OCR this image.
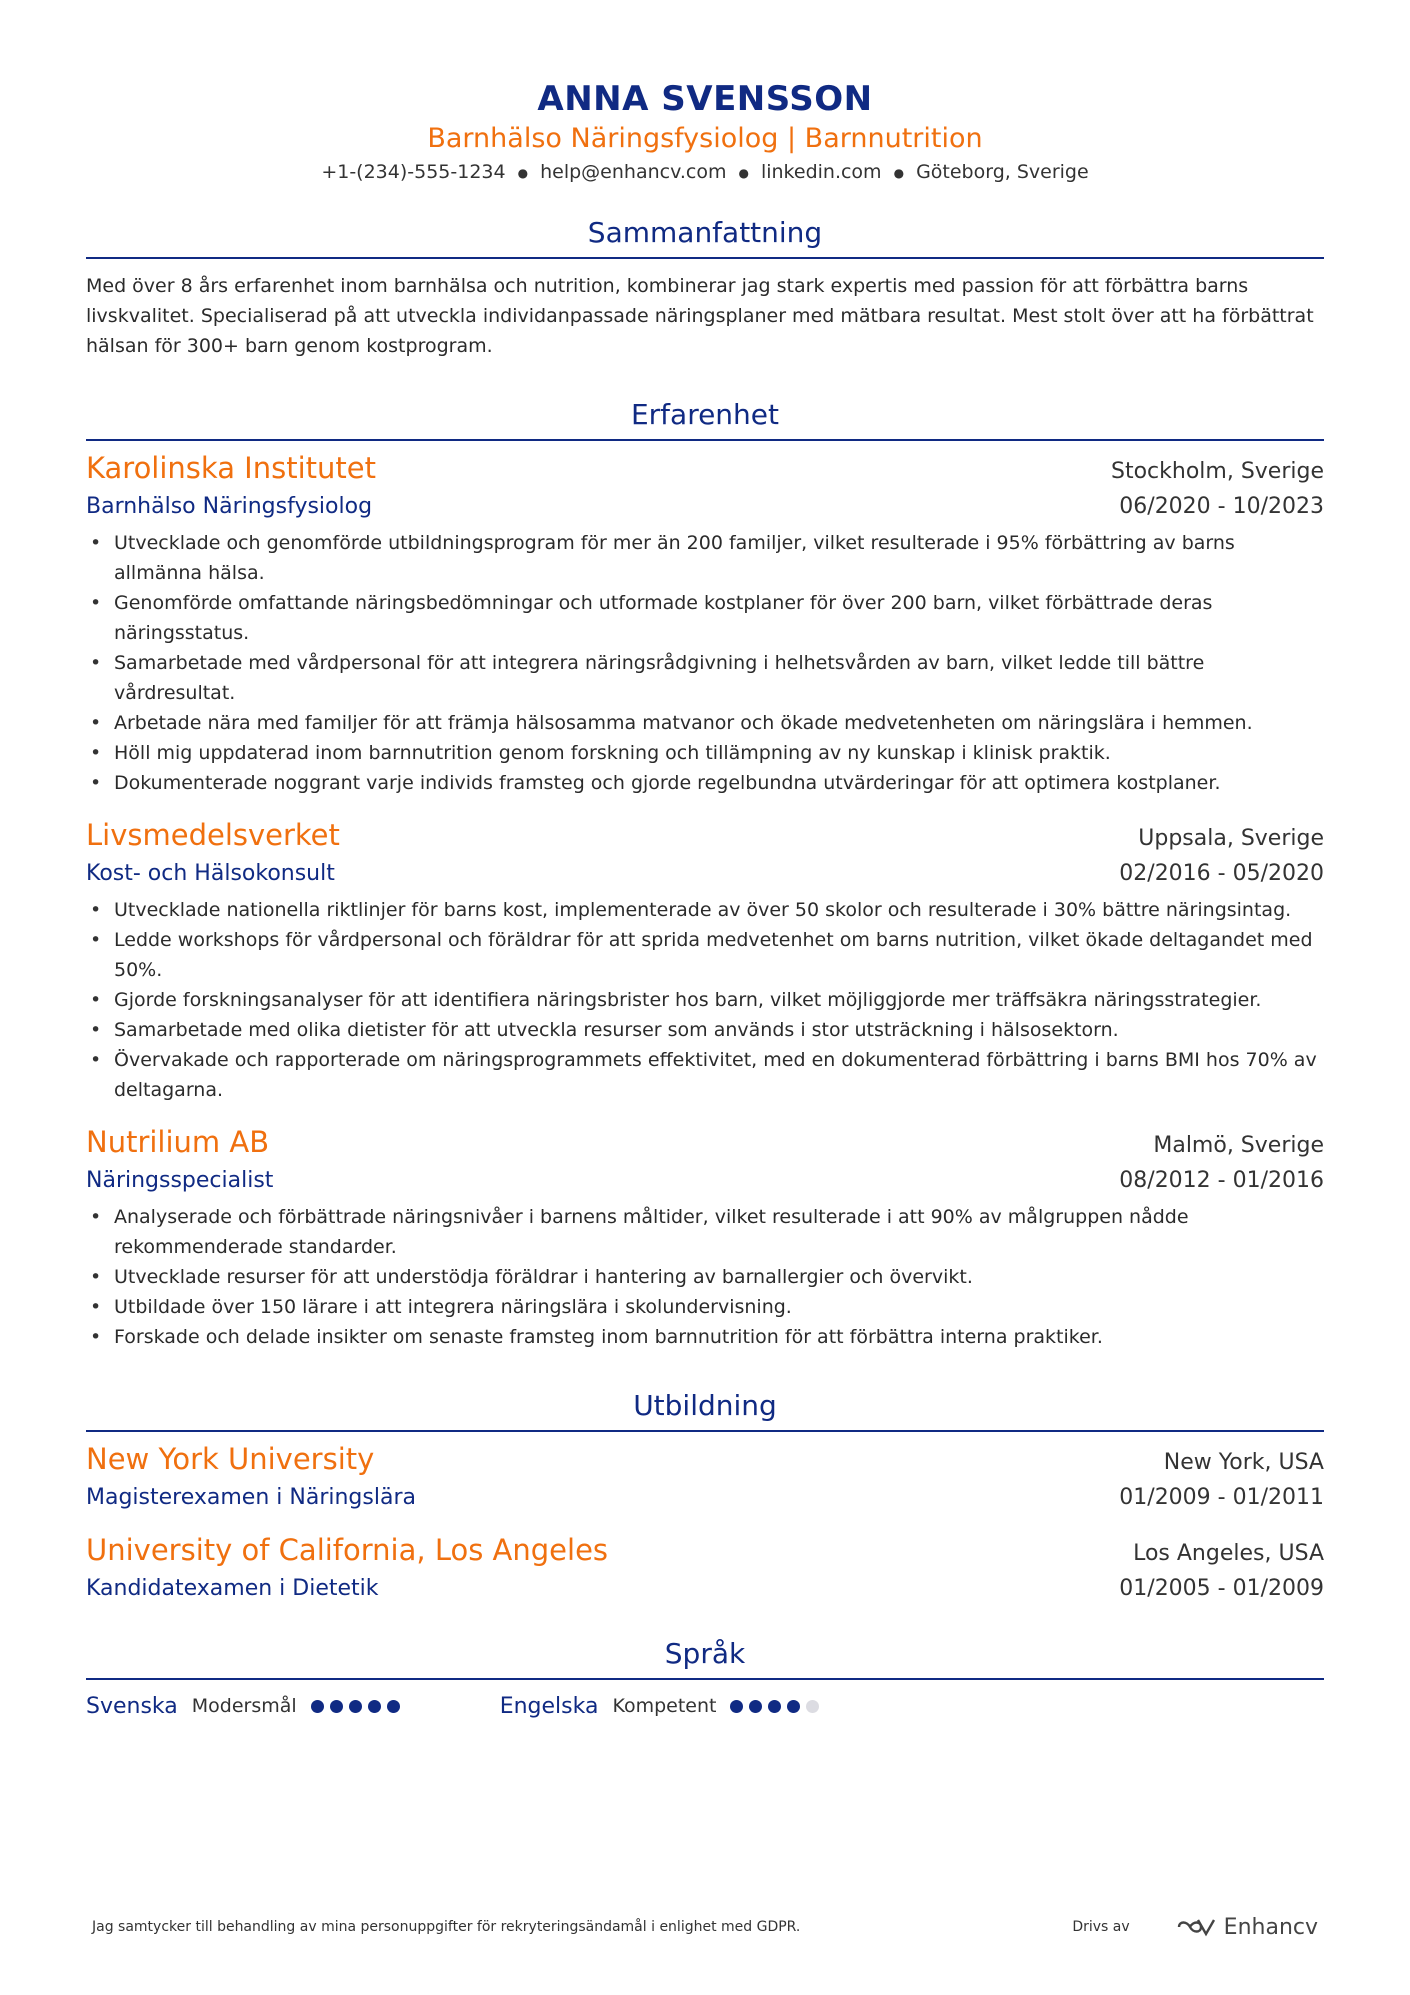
ANNA SVENSSON
Barnhälso Näringsfysiolog | Barnnutrition
+1-(234)-555-1234 ● help@enhancv.com ● linkedin.com ● Göteborg, Sverige
Sammanfattning
Med över 8 års erfarenhet inom barnhälsa och nutrition, kombinerar jag stark expertis med passion för att förbättra barns livskvalitet. Specialiserad på att utveckla individanpassade näringsplaner med mätbara resultat. Mest stolt över att ha förbättrat hälsan för 300+ barn genom kostprogram.
Erfarenhet
Karolinska Institutet	Stockholm, Sverige
Barnhälso Näringsfysiolog	06/2020 - 10/2023
• Utvecklade och genomförde utbildningsprogram för mer än 200 familjer, vilket resulterade i 95% förbättring av barns allmänna hälsa.
• Genomförde omfattande näringsbedömningar och utformade kostplaner för över 200 barn, vilket förbättrade deras näringsstatus.
• Samarbetade med vårdpersonal för att integrera näringsrådgivning i helhetsvården av barn, vilket ledde till bättre vårdresultat.
• Arbetade nära med familjer för att främja hälsosamma matvanor och ökade medvetenheten om näringslära i hemmen.
• Höll mig uppdaterad inom barnnutrition genom forskning och tillämpning av ny kunskap i klinisk praktik.
• Dokumenterade noggrant varje individs framsteg och gjorde regelbundna utvärderingar för att optimera kostplaner.
Livsmedelsverket	Uppsala, Sverige
Kost- och Hälsokonsult	02/2016 - 05/2020
• Utvecklade nationella riktlinjer för barns kost, implementerade av över 50 skolor och resulterade i 30% bättre näringsintag.
• Ledde workshops för vårdpersonal och föräldrar för att sprida medvetenhet om barns nutrition, vilket ökade deltagandet med 50%.
• Gjorde forskningsanalyser för att identifiera näringsbrister hos barn, vilket möjliggjorde mer träffsäkra näringsstrategier.
• Samarbetade med olika dietister för att utveckla resurser som används i stor utsträckning i hälsosektorn.
• Övervakade och rapporterade om näringsprogrammets effektivitet, med en dokumenterad förbättring i barns BMI hos 70% av deltagarna.
Nutrilium AB	Malmö, Sverige
Näringsspecialist	08/2012 - 01/2016
• Analyserade och förbättrade näringsnivåer i barnens måltider, vilket resulterade i att 90% av målgruppen nådde rekommenderade standarder.
• Utvecklade resurser för att understödja föräldrar i hantering av barnallergier och övervikt.
• Utbildade över 150 lärare i att integrera näringslära i skolundervisning.
• Forskade och delade insikter om senaste framsteg inom barnnutrition för att förbättra interna praktiker.
Utbildning
New York University	New York, USA
Magisterexamen i Näringslära	01/2009 - 01/2011
University of California, Los Angeles	Los Angeles, USA
Kandidatexamen i Dietetik	01/2005 - 01/2009
Språk
Svenska Modersmål	Engelska Kompetent
Jag samtycker till behandling av mina personuppgifter för rekryteringsändamål i enlighet med GDPR.	Drivs av	Enhancv
